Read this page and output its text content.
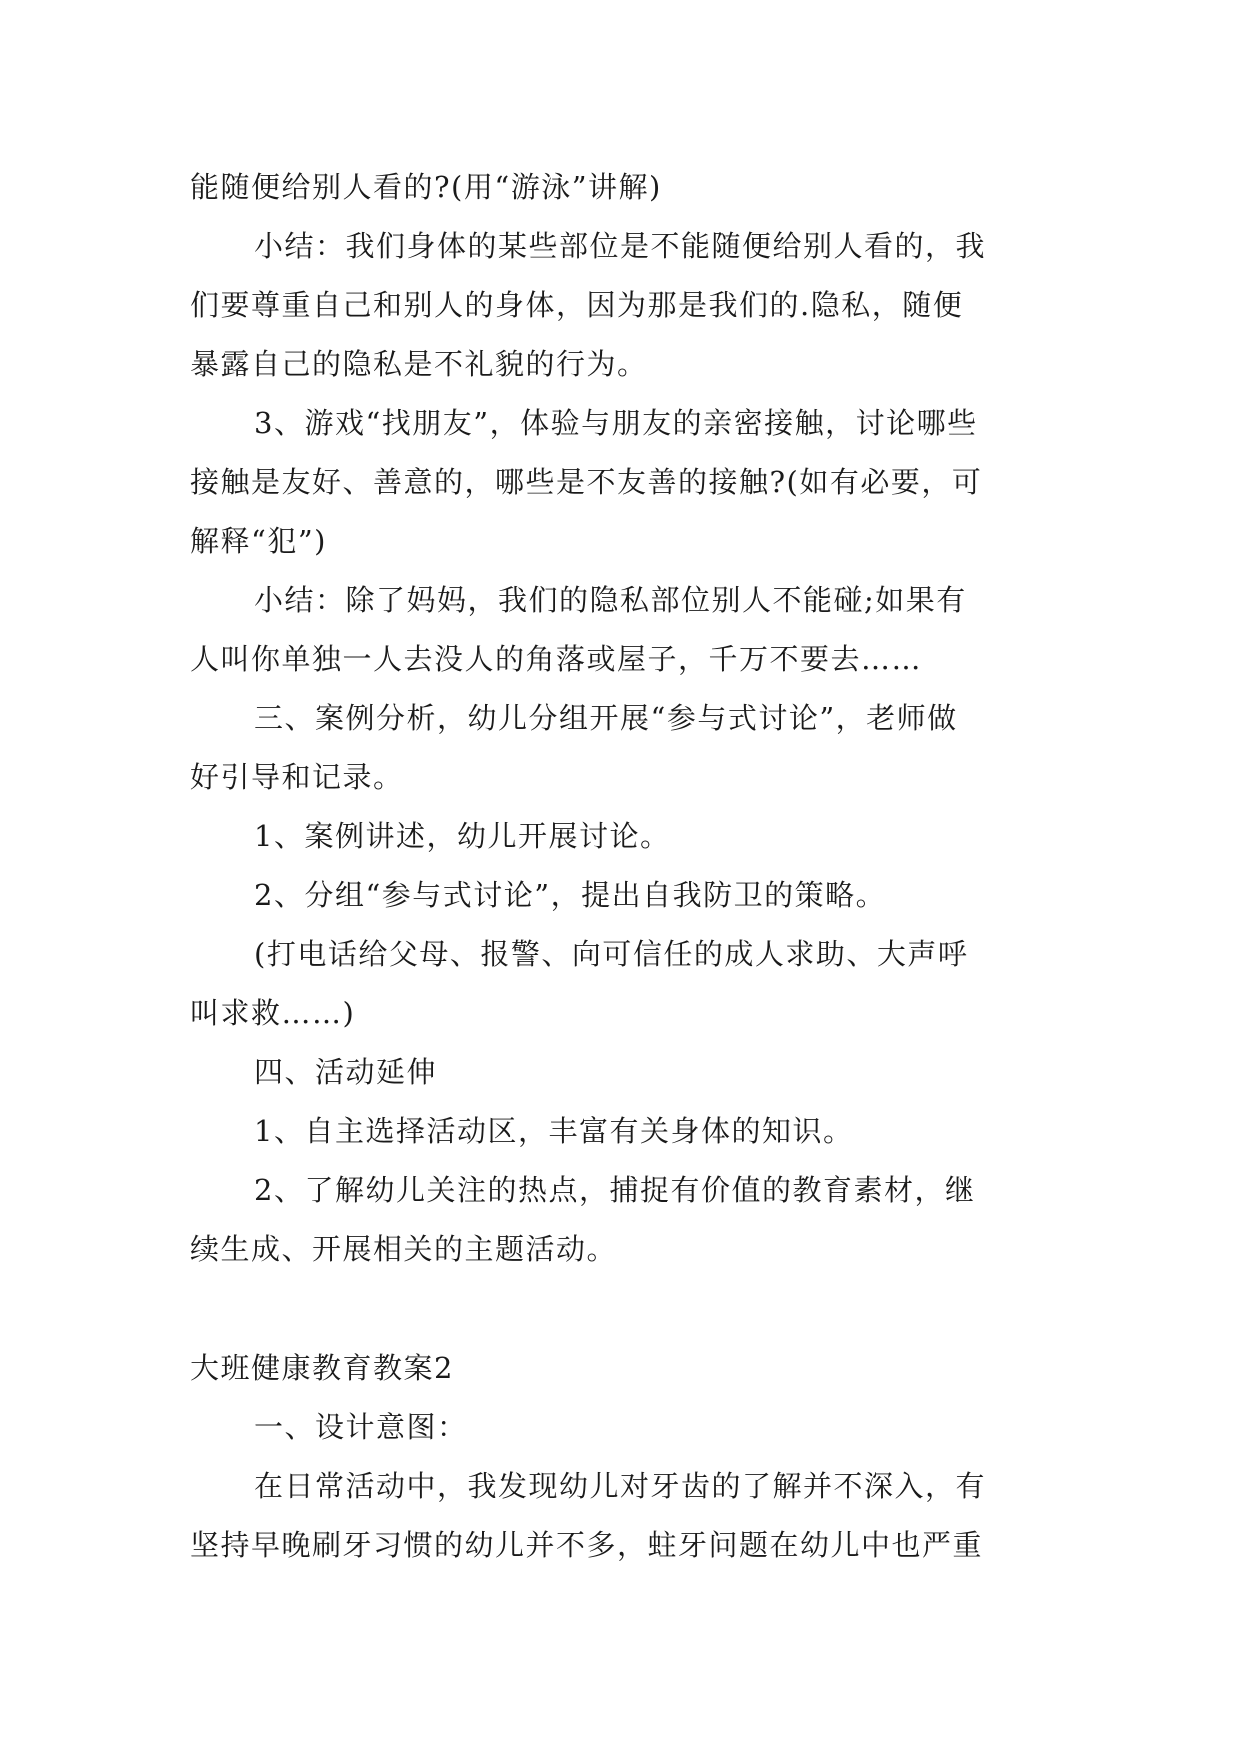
能随便给别人看的?(用“游泳”讲解)
小结：我们身体的某些部位是不能随便给别人看的，我
们要尊重自己和别人的身体，因为那是我们的.隐私，随便
暴露自己的隐私是不礼貌的行为。
3、游戏“找朋友”，体验与朋友的亲密接触，讨论哪些
接触是友好、善意的，哪些是不友善的接触?(如有必要，可
解释“犯”)
小结：除了妈妈，我们的隐私部位别人不能碰;如果有
人叫你单独一人去没人的角落或屋子，千万不要去……
三、案例分析，幼儿分组开展“参与式讨论”，老师做
好引导和记录。
1、案例讲述，幼儿开展讨论。
2、分组“参与式讨论”，提出自我防卫的策略。
(打电话给父母、报警、向可信任的成人求助、大声呼
叫求救……)
四、活动延伸
1、自主选择活动区，丰富有关身体的知识。
2、了解幼儿关注的热点，捕捉有价值的教育素材，继
续生成、开展相关的主题活动。
大班健康教育教案2
一、设计意图：
在日常活动中，我发现幼儿对牙齿的了解并不深入，有
坚持早晚刷牙习惯的幼儿并不多，蛀牙问题在幼儿中也严重
